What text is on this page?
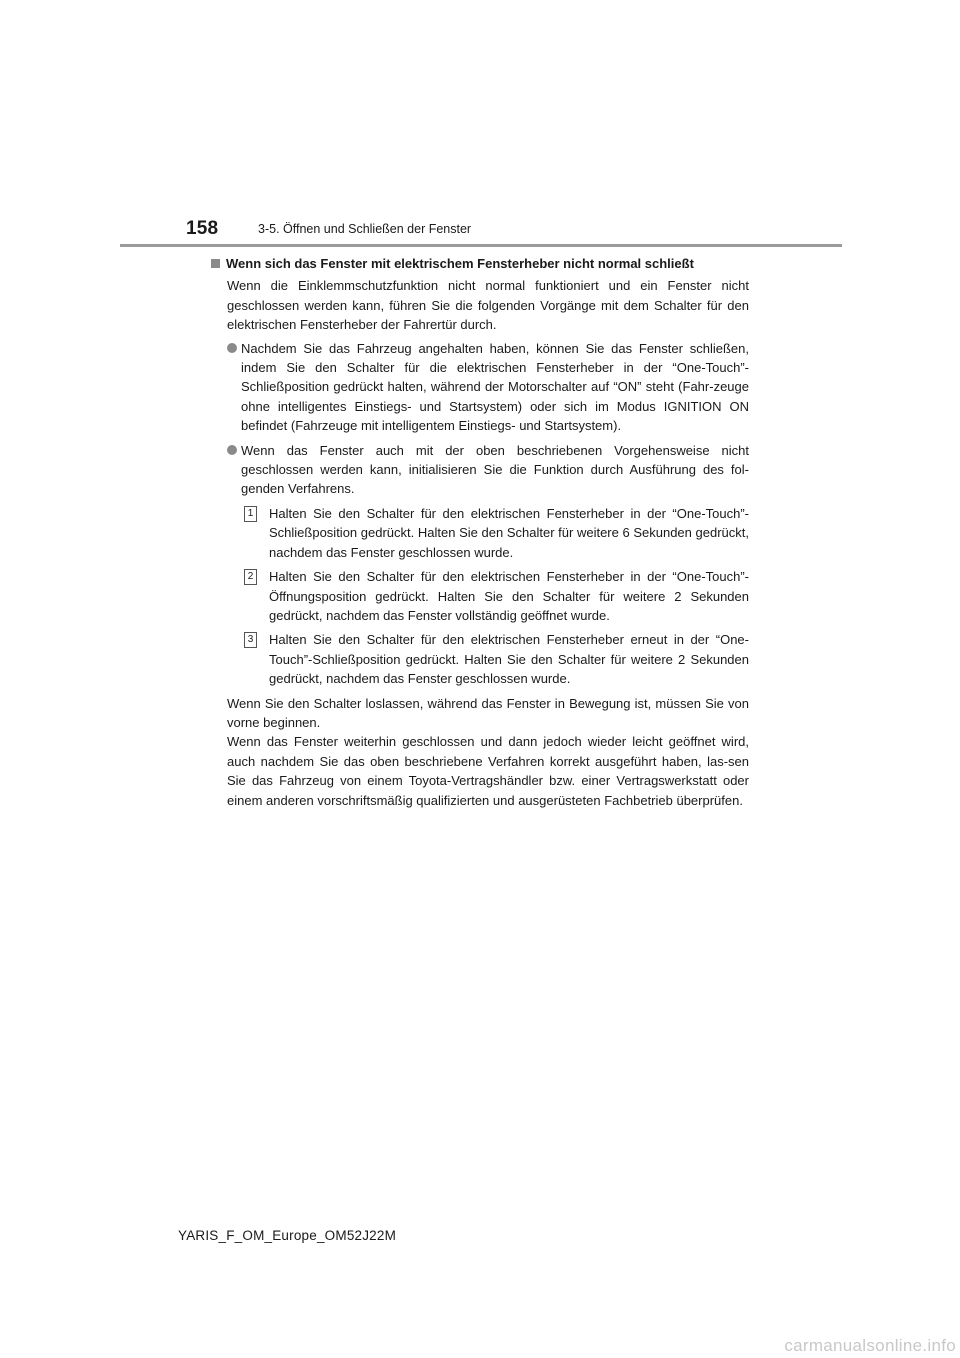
158	3-5. Öffnen und Schließen der Fenster
Wenn sich das Fenster mit elektrischem Fensterheber nicht normal schließt

Wenn die Einklemmschutzfunktion nicht normal funktioniert und ein Fenster nicht geschlossen werden kann, führen Sie die folgenden Vorgänge mit dem Schalter für den elektrischen Fensterheber der Fahrertür durch.

Nachdem Sie das Fahrzeug angehalten haben, können Sie das Fenster schließen, indem Sie den Schalter für die elektrischen Fensterheber in der “One-Touch”-Schließposition gedrückt halten, während der Motorschalter auf “ON” steht (Fahr-zeuge ohne intelligentes Einstiegs- und Startsystem) oder sich im Modus IGNITION ON befindet (Fahrzeuge mit intelligentem Einstiegs- und Startsystem).

Wenn das Fenster auch mit der oben beschriebenen Vorgehensweise nicht geschlossen werden kann, initialisieren Sie die Funktion durch Ausführung des fol-genden Verfahrens.

1 Halten Sie den Schalter für den elektrischen Fensterheber in der “One-Touch”-Schließposition gedrückt. Halten Sie den Schalter für weitere 6 Sekunden gedrückt, nachdem das Fenster geschlossen wurde.

2 Halten Sie den Schalter für den elektrischen Fensterheber in der “One-Touch”-Öffnungsposition gedrückt. Halten Sie den Schalter für weitere 2 Sekunden gedrückt, nachdem das Fenster vollständig geöffnet wurde.

3 Halten Sie den Schalter für den elektrischen Fensterheber erneut in der “One-Touch”-Schließposition gedrückt. Halten Sie den Schalter für weitere 2 Sekunden gedrückt, nachdem das Fenster geschlossen wurde.

Wenn Sie den Schalter loslassen, während das Fenster in Bewegung ist, müssen Sie von vorne beginnen.

Wenn das Fenster weiterhin geschlossen und dann jedoch wieder leicht geöffnet wird, auch nachdem Sie das oben beschriebene Verfahren korrekt ausgeführt haben, las-sen Sie das Fahrzeug von einem Toyota-Vertragshändler bzw. einer Vertragswerkstatt oder einem anderen vorschriftsmäßig qualifizierten und ausgerüsteten Fachbetrieb überprüfen.

YARIS_F_OM_Europe_OM52J22M
carmanualsonline.info
